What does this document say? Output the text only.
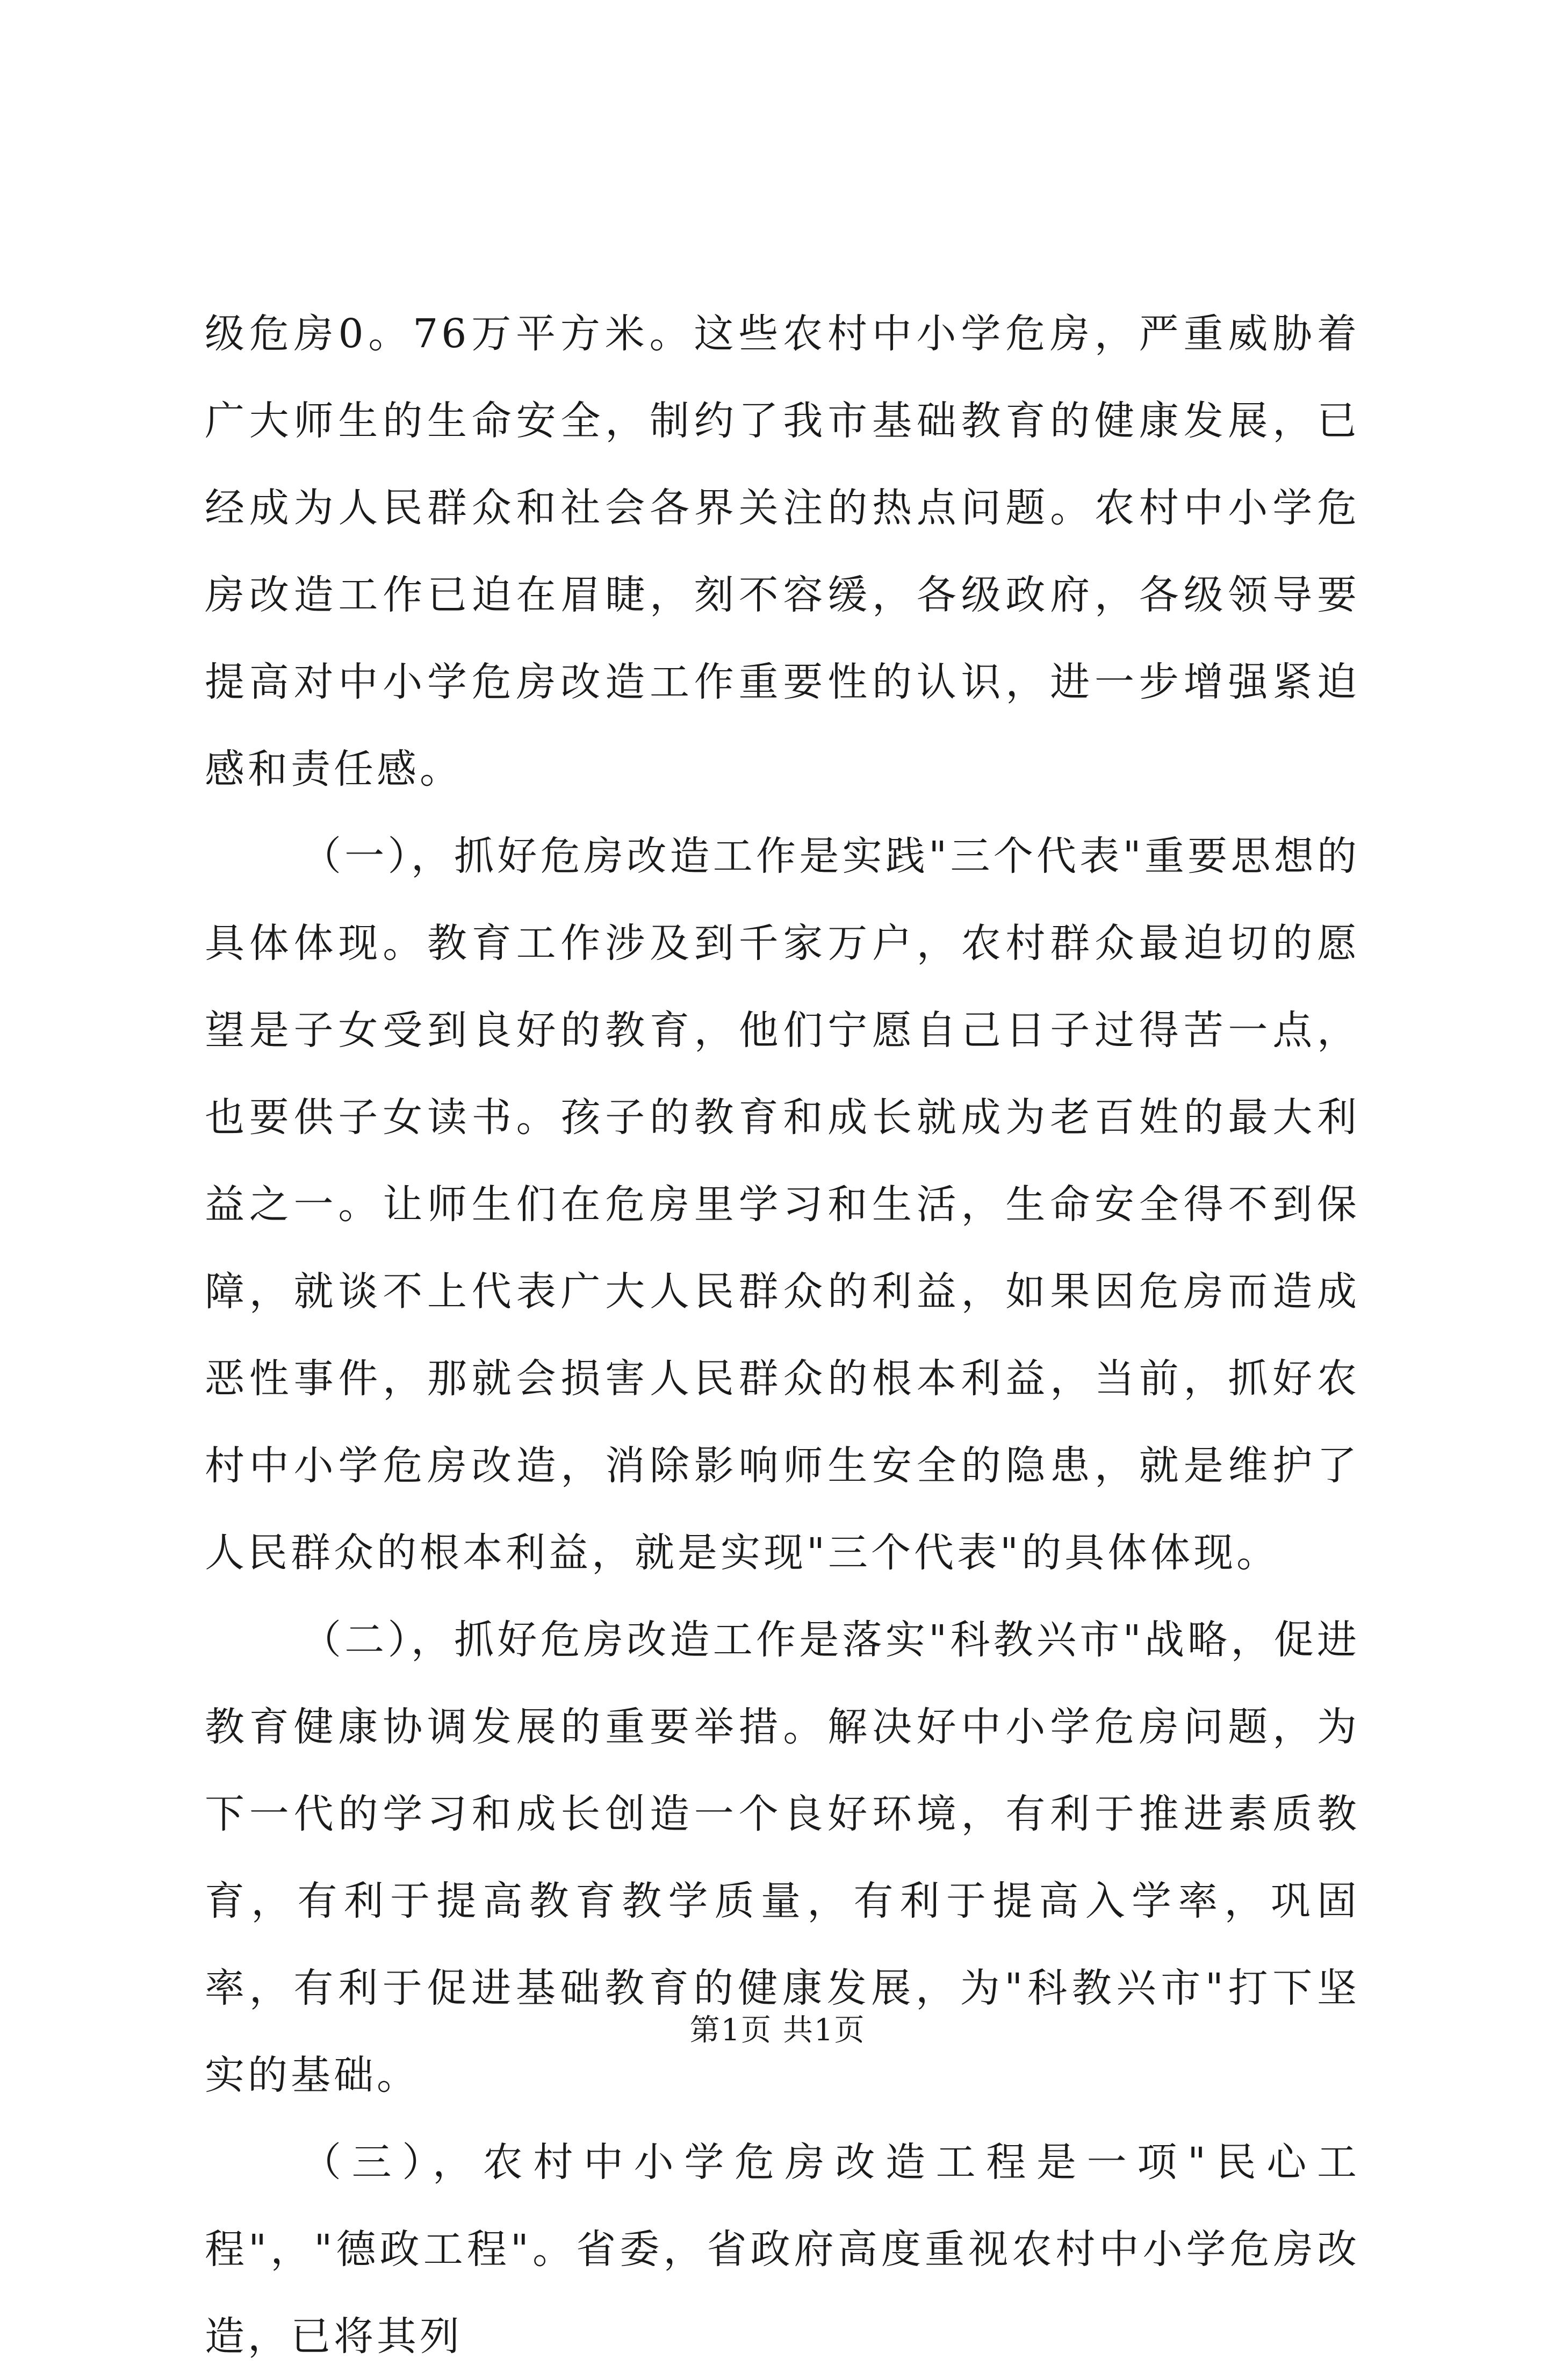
级危房0。76万平方米。这些农村中小学危房，严重威胁着广大师生的生命安全，制约了我市基础教育的健康发展，已经成为人民群众和社会各界关注的热点问题。农村中小学危房改造工作已迫在眉睫，刻不容缓，各级政府，各级领导要提高对中小学危房改造工作重要性的认识，进一步增强紧迫感和责任感。

（一），抓好危房改造工作是实践"三个代表"重要思想的具体体现。教育工作涉及到千家万户，农村群众最迫切的愿望是子女受到良好的教育，他们宁愿自己日子过得苦一点，也要供子女读书。孩子的教育和成长就成为老百姓的最大利益之一。让师生们在危房里学习和生活，生命安全得不到保障，就谈不上代表广大人民群众的利益，如果因危房而造成恶性事件，那就会损害人民群众的根本利益，当前，抓好农村中小学危房改造，消除影响师生安全的隐患，就是维护了人民群众的根本利益，就是实现"三个代表"的具体体现。

（二），抓好危房改造工作是落实"科教兴市"战略，促进教育健康协调发展的重要举措。解决好中小学危房问题，为下一代的学习和成长创造一个良好环境，有利于推进素质教育，有利于提高教育教学质量，有利于提高入学率，巩固率，有利于促进基础教育的健康发展，为"科教兴市"打下坚实的基础。

（三），农村中小学危房改造工程是一项"民心工程"，"德政工程"。省委，省政府高度重视农村中小学危房改造，已将其列

第1页 共1页
